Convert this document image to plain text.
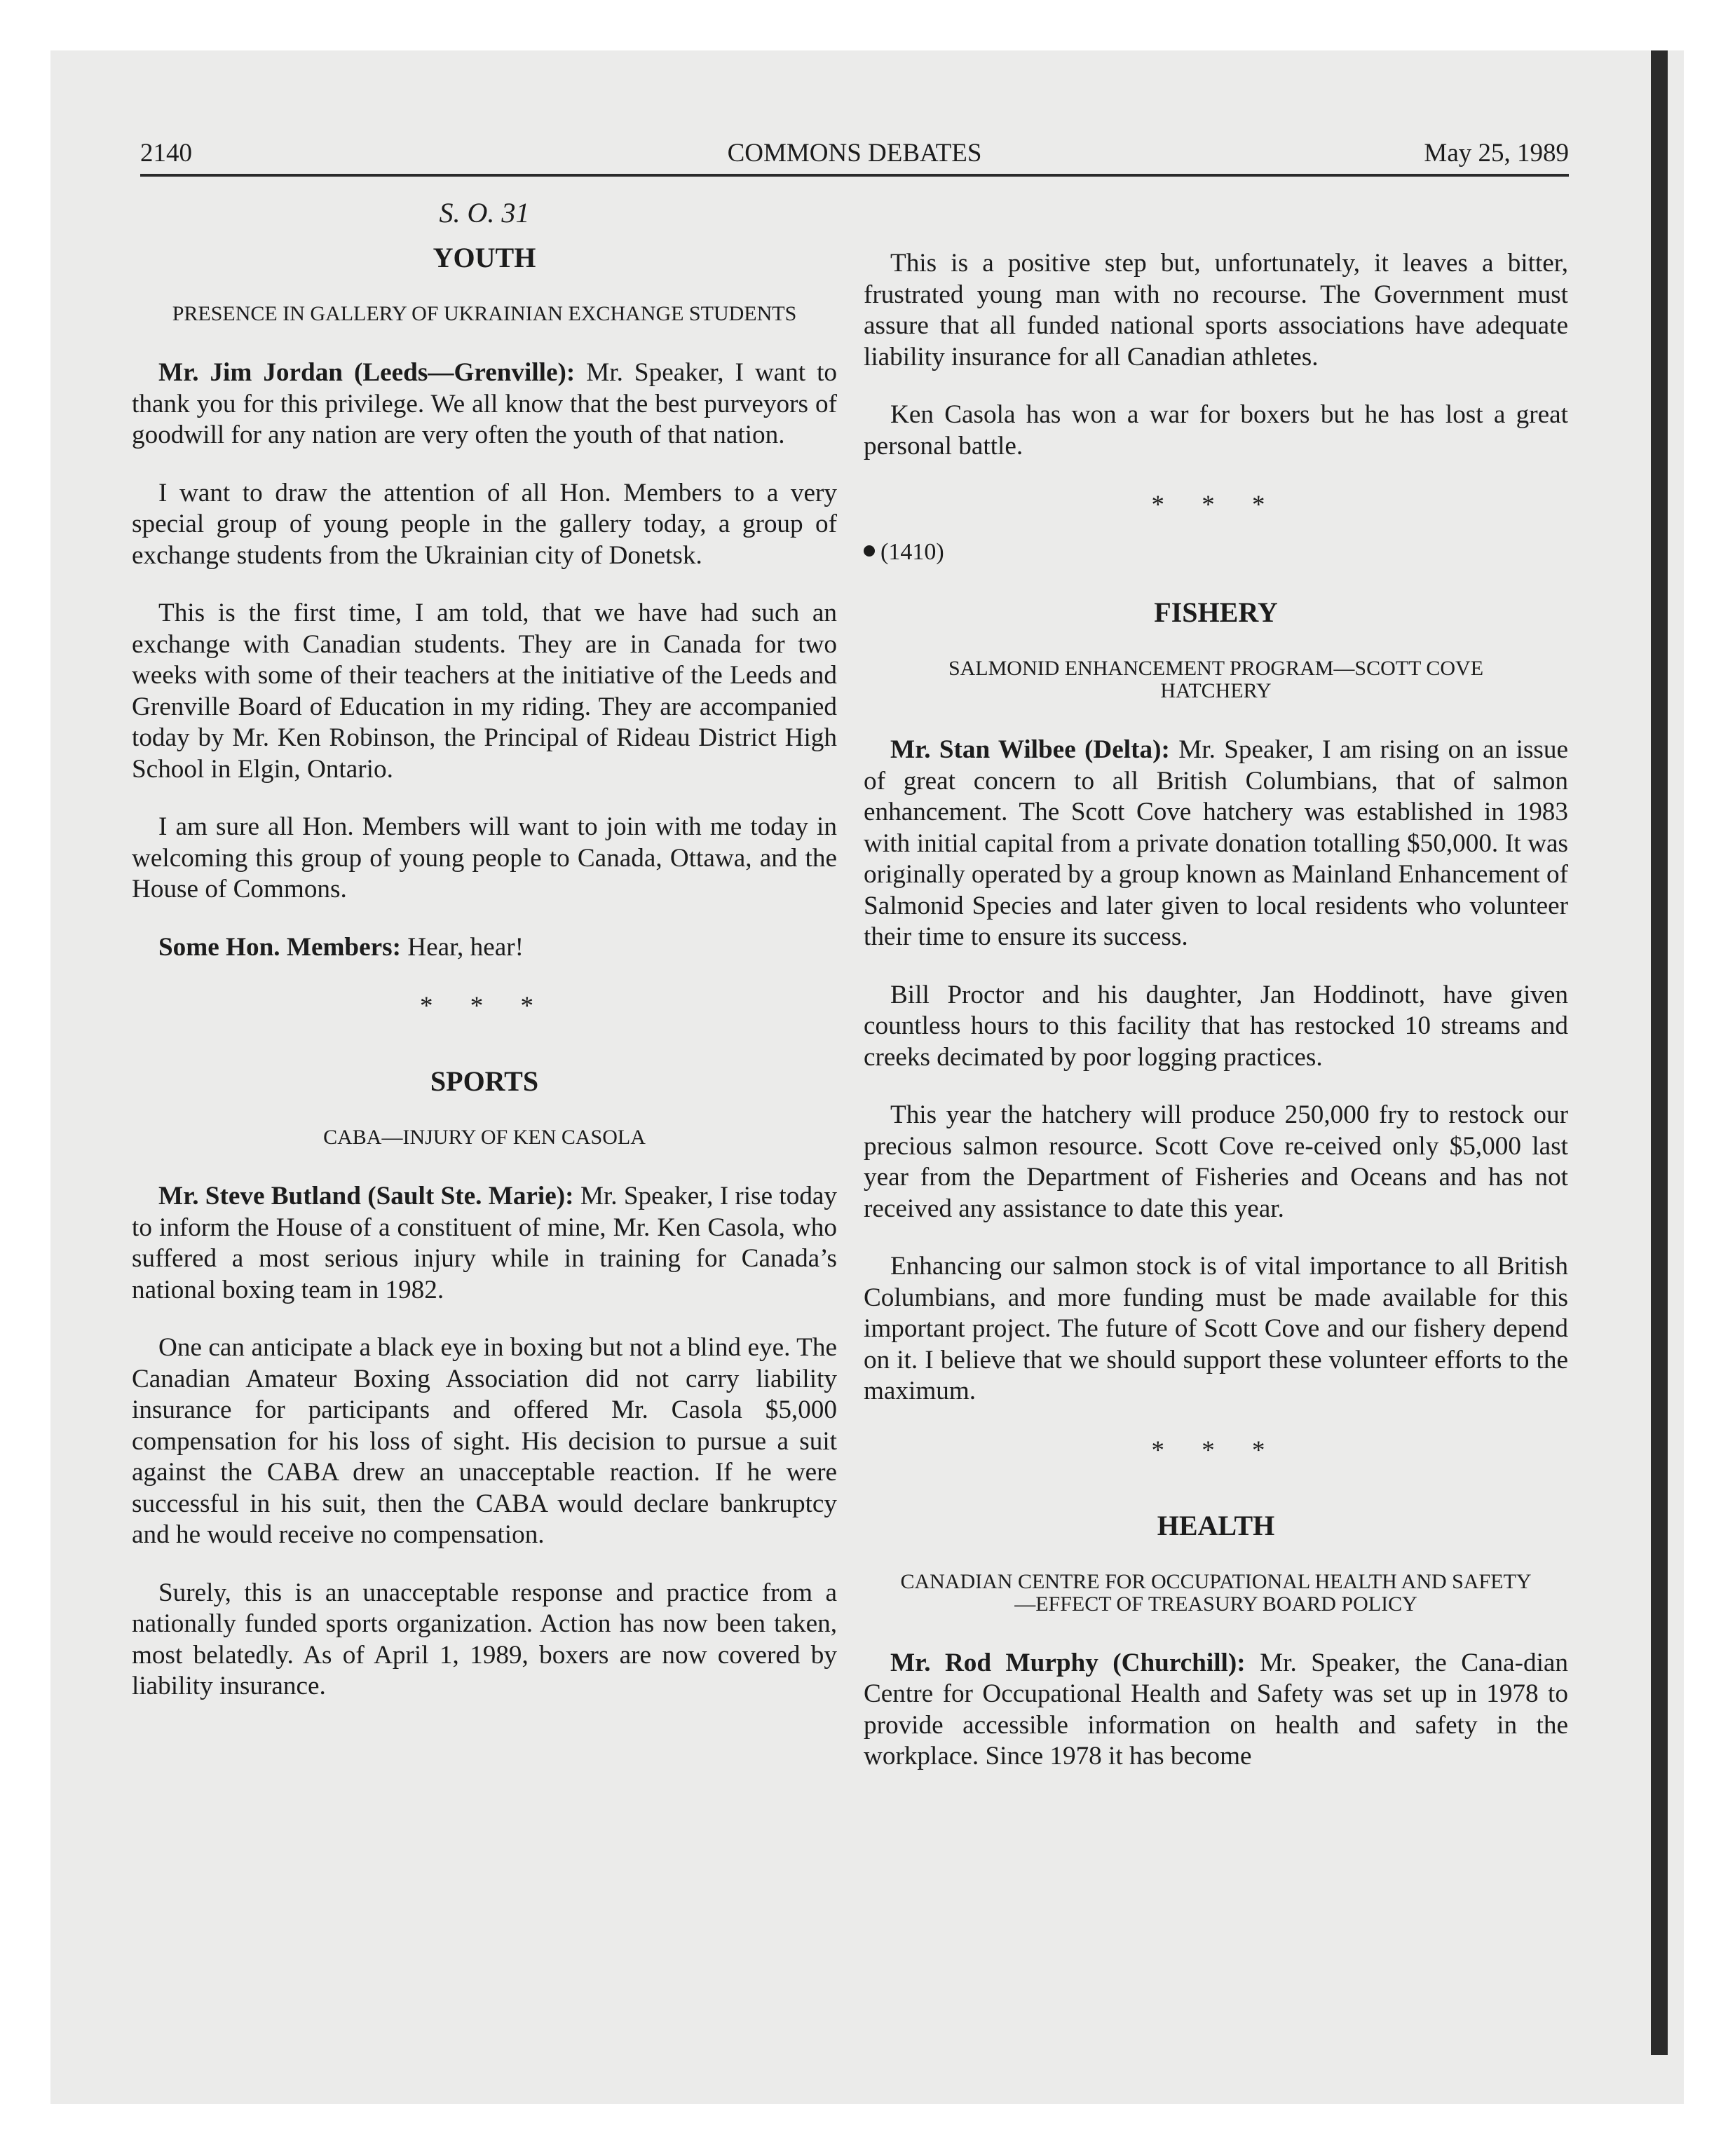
COMMONS DEBATES
2140	May 25, 1989
S. O. 31
YOUTH
PRESENCE IN GALLERY OF UKRAINIAN EXCHANGE STUDENTS

Mr. Jim Jordan (Leeds—Grenville): Mr. Speaker, I want to thank you for this privilege. We all know that the best purveyors of goodwill for any nation are very often the youth of that nation.

I want to draw the attention of all Hon. Members to a very special group of young people in the gallery today, a group of exchange students from the Ukrainian city of Donetsk.

This is the first time, I am told, that we have had such an exchange with Canadian students. They are in Canada for two weeks with some of their teachers at the initiative of the Leeds and Grenville Board of Education in my riding. They are accompanied today by Mr. Ken Robinson, the Principal of Rideau District High School in Elgin, Ontario.

I am sure all Hon. Members will want to join with me today in welcoming this group of young people to Canada, Ottawa, and the House of Commons.

Some Hon. Members: Hear, hear!

* * *
SPORTS
CABA—INJURY OF KEN CASOLA

Mr. Steve Butland (Sault Ste. Marie): Mr. Speaker, I rise today to inform the House of a constituent of mine, Mr. Ken Casola, who suffered a most serious injury while in training for Canada’s national boxing team in 1982.

One can anticipate a black eye in boxing but not a blind eye. The Canadian Amateur Boxing Association did not carry liability insurance for participants and offered Mr. Casola $5,000 compensation for his loss of sight. His decision to pursue a suit against the CABA drew an unacceptable reaction. If he were successful in his suit, then the CABA would declare bankruptcy and he would receive no compensation.

Surely, this is an unacceptable response and practice from a nationally funded sports organization. Action has now been taken, most belatedly. As of April 1, 1989, boxers are now covered by liability insurance.

This is a positive step but, unfortunately, it leaves a bitter, frustrated young man with no recourse. The Government must assure that all funded national sports associations have adequate liability insurance for all Canadian athletes.

Ken Casola has won a war for boxers but he has lost a great personal battle.

* * *
(1410)
FISHERY
SALMONID ENHANCEMENT PROGRAM—SCOTT COVE HATCHERY

Mr. Stan Wilbee (Delta): Mr. Speaker, I am rising on an issue of great concern to all British Columbians, that of salmon enhancement. The Scott Cove hatchery was established in 1983 with initial capital from a private donation totalling $50,000. It was originally operated by a group known as Mainland Enhancement of Salmonid Species and later given to local residents who volunteer their time to ensure its success.

Bill Proctor and his daughter, Jan Hoddinott, have given countless hours to this facility that has restocked 10 streams and creeks decimated by poor logging practices.

This year the hatchery will produce 250,000 fry to restock our precious salmon resource. Scott Cove re-ceived only $5,000 last year from the Department of Fisheries and Oceans and has not received any assistance to date this year.

Enhancing our salmon stock is of vital importance to all British Columbians, and more funding must be made available for this important project. The future of Scott Cove and our fishery depend on it. I believe that we should support these volunteer efforts to the maximum.

* * *
HEALTH
CANADIAN CENTRE FOR OCCUPATIONAL HEALTH AND SAFETY—EFFECT OF TREASURY BOARD POLICY

Mr. Rod Murphy (Churchill): Mr. Speaker, the Cana-dian Centre for Occupational Health and Safety was set up in 1978 to provide accessible information on health and safety in the workplace. Since 1978 it has become
